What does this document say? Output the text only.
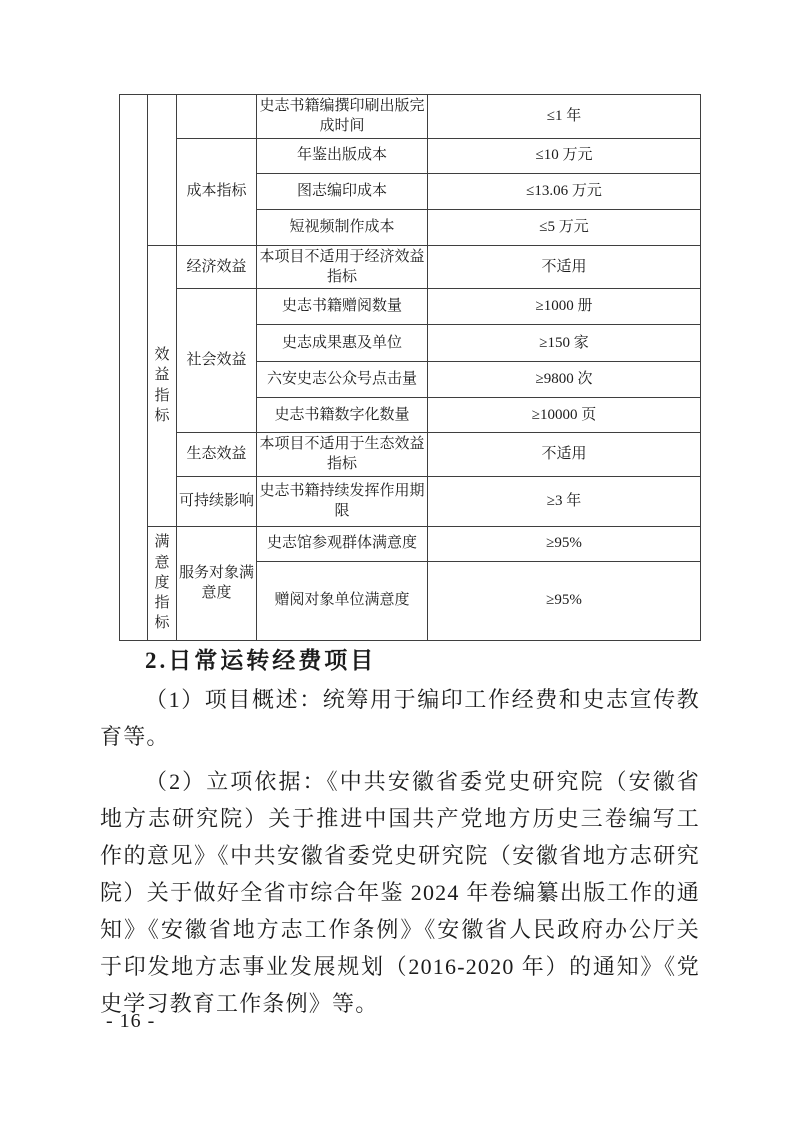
			史志书籍编撰印刷出版完成时间	≤1 年
		成本指标	年鉴出版成本	≤10 万元
			图志编印成本	≤13.06 万元
			短视频制作成本	≤5 万元
	效益指标	经济效益	本项目不适用于经济效益指标	不适用
		社会效益	史志书籍赠阅数量	≥1000 册
			史志成果惠及单位	≥150 家
			六安史志公众号点击量	≥9800 次
			史志书籍数字化数量	≥10000 页
		生态效益	本项目不适用于生态效益指标	不适用
		可持续影响	史志书籍持续发挥作用期限	≥3 年
	满意度指标	服务对象满意度	史志馆参观群体满意度	≥95%
			赠阅对象单位满意度	≥95%
2.日常运转经费项目

（1）项目概述：统筹用于编印工作经费和史志宣传教育等。

（2）立项依据：《中共安徽省委党史研究院（安徽省地方志研究院）关于推进中国共产党地方历史三卷编写工作的意见》《中共安徽省委党史研究院（安徽省地方志研究院）关于做好全省市综合年鉴 2024 年卷编纂出版工作的通知》《安徽省地方志工作条例》《安徽省人民政府办公厅关于印发地方志事业发展规划（2016-2020 年）的通知》《党史学习教育工作条例》等。

- 16 -
